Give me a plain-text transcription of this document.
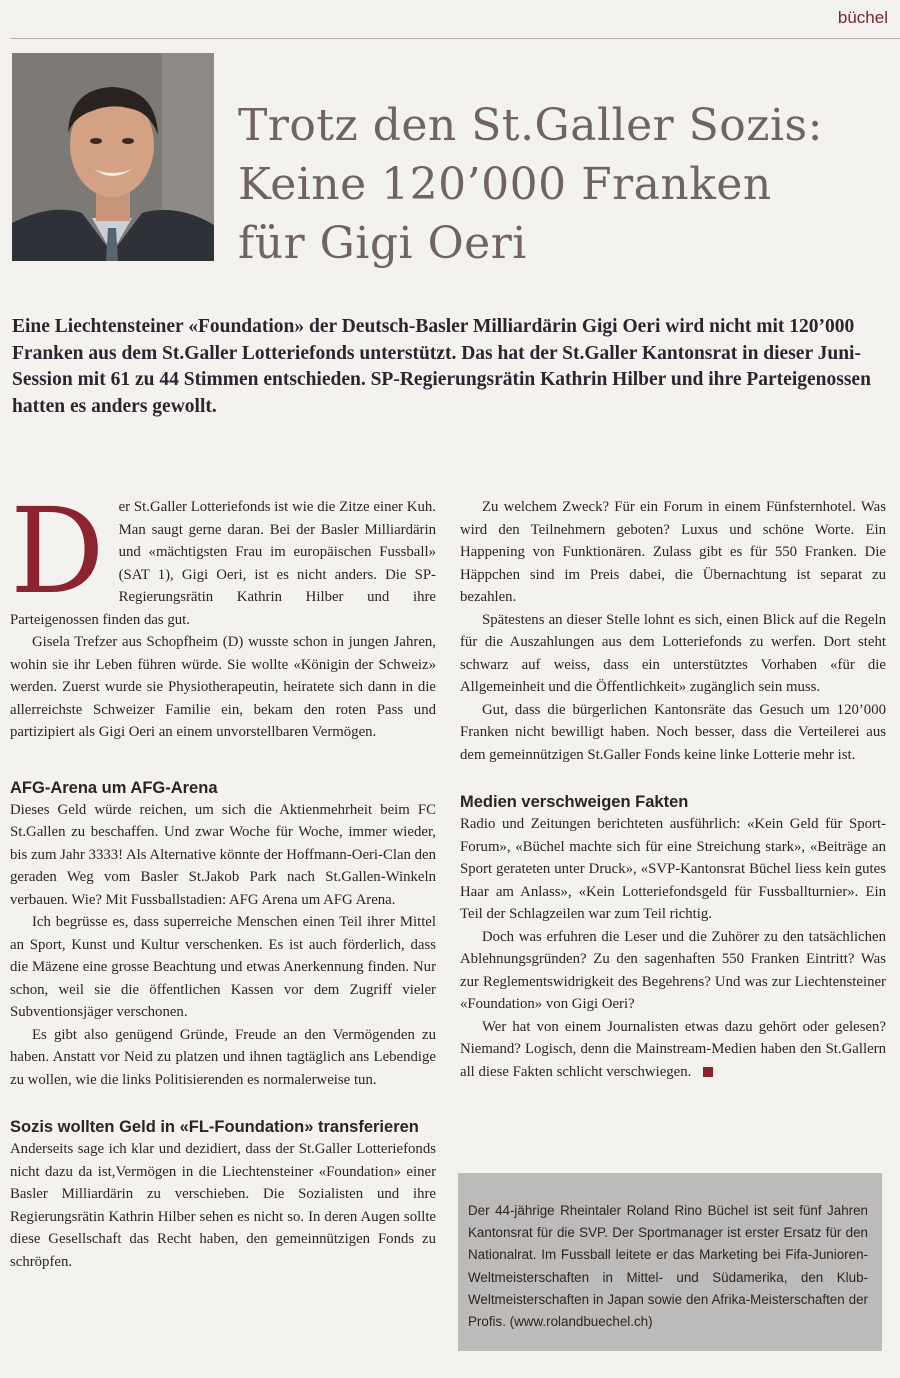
büchel
Trotz den St.Galler Sozis:
Keine 120’000 Franken
für Gigi Oeri

Eine Liechtensteiner «Foundation» der Deutsch-Basler Milliardärin Gigi Oeri wird nicht mit 120’000 Franken aus dem St.Galler Lotteriefonds unterstützt. Das hat der St.Galler Kantonsrat in dieser Juni-Session mit 61 zu 44 Stimmen entschieden. SP-Regierungsrätin Kathrin Hilber und ihre Parteigenossen hatten es anders gewollt.

D er St.Galler Lotteriefonds ist wie die Zitze einer Kuh. Man saugt gerne daran. Bei der Basler Milliardärin und «mächtigsten Frau im europäischen Fussball» (SAT 1), Gigi Oeri, ist es nicht anders. Die SP-Regierungsrätin Kathrin Hilber und ihre Parteigenossen finden das gut.

Gisela Trefzer aus Schopfheim (D) wusste schon in jungen Jahren, wohin sie ihr Leben führen würde. Sie wollte «Königin der Schweiz» werden. Zuerst wurde sie Physiotherapeutin, heiratete sich dann in die allerreichste Schweizer Familie ein, bekam den roten Pass und partizipiert als Gigi Oeri an einem unvorstellbaren Vermögen.

AFG-Arena um AFG-Arena

Dieses Geld würde reichen, um sich die Aktienmehrheit beim FC St.Gallen zu beschaffen. Und zwar Woche für Woche, immer wieder, bis zum Jahr 3333! Als Alternative könnte der Hoffmann-Oeri-Clan den geraden Weg vom Basler St.Jakob Park nach St.Gallen-Winkeln verbauen. Wie? Mit Fussballstadien: AFG Arena um AFG Arena.

Ich begrüsse es, dass superreiche Menschen einen Teil ihrer Mittel an Sport, Kunst und Kultur verschenken. Es ist auch förderlich, dass die Mäzene eine grosse Beachtung und etwas Anerkennung finden. Nur schon, weil sie die öffentlichen Kassen vor dem Zugriff vieler Subventionsjäger verschonen.

Es gibt also genügend Gründe, Freude an den Vermögenden zu haben. Anstatt vor Neid zu platzen und ihnen tagtäglich ans Lebendige zu wollen, wie die links Politisierenden es normalerweise tun.

Sozis wollten Geld in «FL-Foundation» transferieren

Anderseits sage ich klar und dezidiert, dass der St.Galler Lotteriefonds nicht dazu da ist,Vermögen in die Liechtensteiner «Foundation» einer Basler Milliardärin zu verschieben. Die Sozialisten und ihre Regierungsrätin Kathrin Hilber sehen es nicht so. In deren Augen sollte diese Gesellschaft das Recht haben, den gemeinnützigen Fonds zu schröpfen.

Zu welchem Zweck? Für ein Forum in einem Fünfsternhotel. Was wird den Teilnehmern geboten? Luxus und schöne Worte. Ein Happening von Funktionären. Zulass gibt es für 550 Franken. Die Häppchen sind im Preis dabei, die Übernachtung ist separat zu bezahlen.

Spätestens an dieser Stelle lohnt es sich, einen Blick auf die Regeln für die Auszahlungen aus dem Lotteriefonds zu werfen. Dort steht schwarz auf weiss, dass ein unterstütztes Vorhaben «für die Allgemeinheit und die Öffentlichkeit» zugänglich sein muss.

Gut, dass die bürgerlichen Kantonsräte das Gesuch um 120’000 Franken nicht bewilligt haben. Noch besser, dass die Verteilerei aus dem gemeinnützigen St.Galler Fonds keine linke Lotterie mehr ist.

Medien verschweigen Fakten

Radio und Zeitungen berichteten ausführlich: «Kein Geld für Sport-Forum», «Büchel machte sich für eine Streichung stark», «Beiträge an Sport gerateten unter Druck», «SVP-Kantonsrat Büchel liess kein gutes Haar am Anlass», «Kein Lotteriefondsgeld für Fussballturnier». Ein Teil der Schlagzeilen war zum Teil richtig.

Doch was erfuhren die Leser und die Zuhörer zu den tatsächlichen Ablehnungsgründen? Zu den sagenhaften 550 Franken Eintritt? Was zur Reglementswidrigkeit des Begehrens? Und was zur Liechtensteiner «Foundation» von Gigi Oeri?

Wer hat von einem Journalisten etwas dazu gehört oder gelesen? Niemand? Logisch, denn die Mainstream-Medien haben den St.Gallern all diese Fakten schlicht verschwiegen.

Der 44-jährige Rheintaler Roland Rino Büchel ist seit fünf Jahren Kantonsrat für die SVP. Der Sportmanager ist erster Ersatz für den Nationalrat. Im Fussball leitete er das Marketing bei Fifa-Junioren-Weltmeisterschaften in Mittel- und Südamerika, den Klub-Weltmeisterschaften in Japan sowie den Afrika-Meisterschaften der Profis. (www.rolandbuechel.ch)
